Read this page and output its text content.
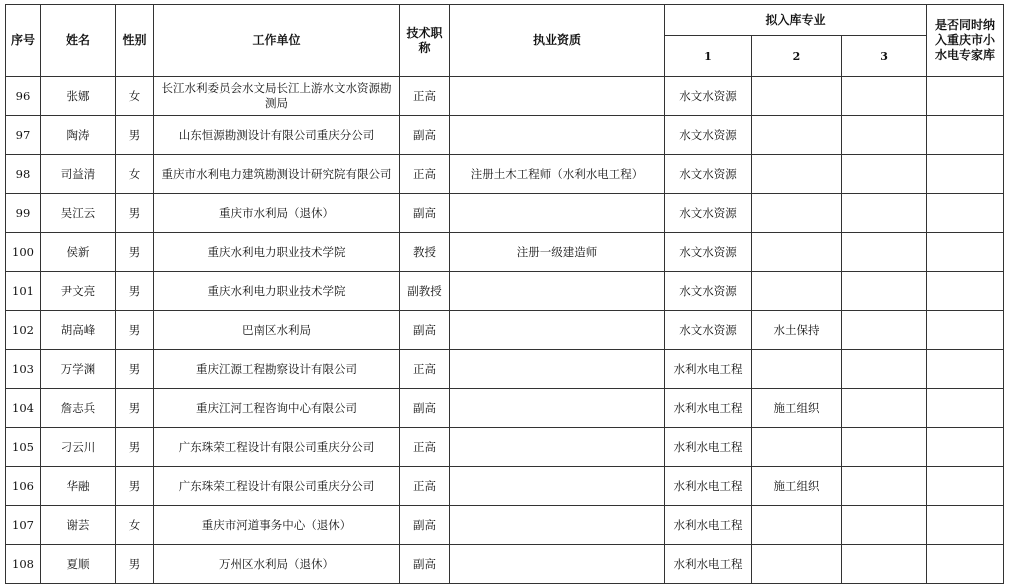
序号	姓名	性别	工作单位	技术职称	执业资质	拟入库专业			是否同时纳入重庆市小水电专家库
						1	2	3	
96	张娜	女	长江水利委员会水文局长江上游水文水资源勘测局	正高		水文水资源			
97	陶涛	男	山东恒源勘测设计有限公司重庆分公司	副高		水文水资源			
98	司益清	女	重庆市水利电力建筑勘测设计研究院有限公司	正高	注册土木工程师（水利水电工程）	水文水资源			
99	吴江云	男	重庆市水利局（退休）	副高		水文水资源			
100	侯新	男	重庆水利电力职业技术学院	教授	注册一级建造师	水文水资源			
101	尹文亮	男	重庆水利电力职业技术学院	副教授		水文水资源			
102	胡高峰	男	巴南区水利局	副高		水文水资源	水土保持		
103	万学渊	男	重庆江源工程勘察设计有限公司	正高		水利水电工程			
104	詹志兵	男	重庆江河工程咨询中心有限公司	副高		水利水电工程	施工组织		
105	刁云川	男	广东珠荣工程设计有限公司重庆分公司	正高		水利水电工程			
106	华融	男	广东珠荣工程设计有限公司重庆分公司	正高		水利水电工程	施工组织		
107	谢芸	女	重庆市河道事务中心（退休）	副高		水利水电工程			
108	夏顺	男	万州区水利局（退休）	副高		水利水电工程			
